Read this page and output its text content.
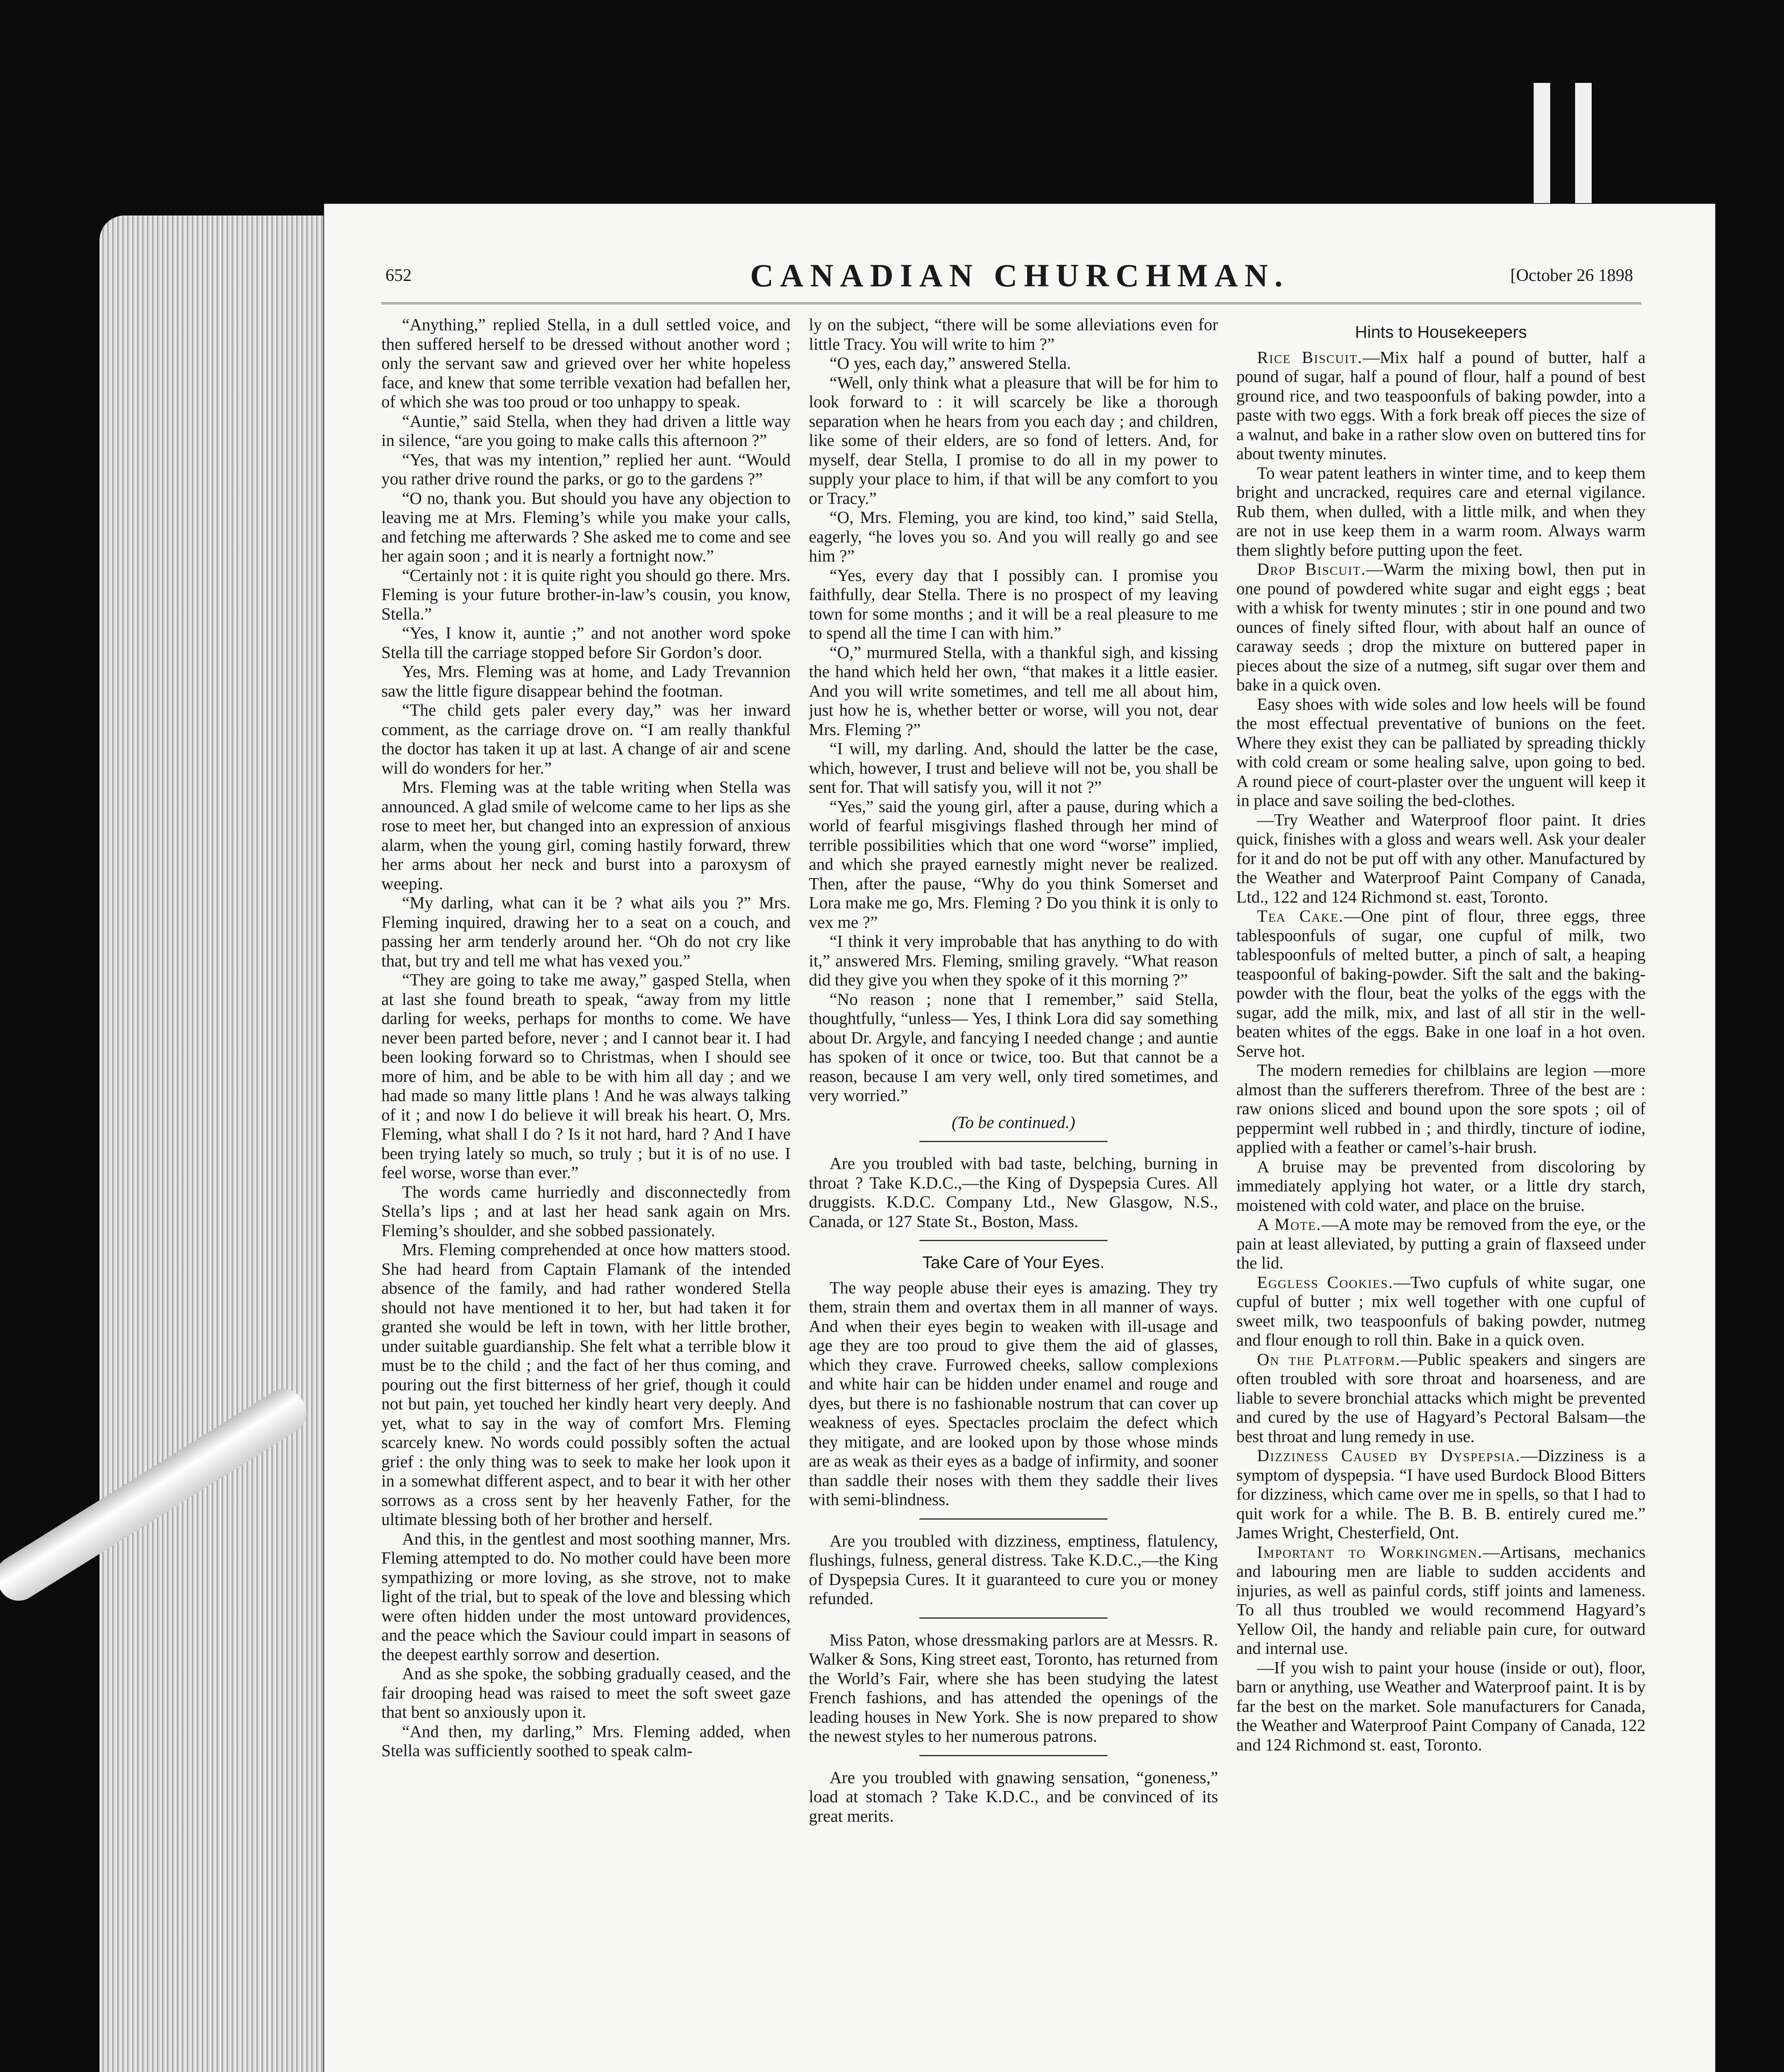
652	CANADIAN CHURCHMAN.	[October 26 1898

“Anything,” replied Stella, in a dull settled voice, and then suffered herself to be dressed without another word ; only the servant saw and grieved over her white hopeless face, and knew that some terrible vexation had befallen her, of which she was too proud or too unhappy to speak.

“Auntie,” said Stella, when they had driven a little way in silence, “are you going to make calls this afternoon ?”

“Yes, that was my intention,” replied her aunt. “Would you rather drive round the parks, or go to the gardens ?”

“O no, thank you. But should you have any objection to leaving me at Mrs. Fleming’s while you make your calls, and fetching me afterwards ? She asked me to come and see her again soon ; and it is nearly a fortnight now.”

“Certainly not : it is quite right you should go there. Mrs. Fleming is your future brother-in-law’s cousin, you know, Stella.”

“Yes, I know it, auntie ;” and not another word spoke Stella till the carriage stopped before Sir Gordon’s door.

Yes, Mrs. Fleming was at home, and Lady Trevannion saw the little figure disappear behind the footman.

“The child gets paler every day,” was her inward comment, as the carriage drove on. “I am really thankful the doctor has taken it up at last. A change of air and scene will do wonders for her.”

Mrs. Fleming was at the table writing when Stella was announced. A glad smile of welcome came to her lips as she rose to meet her, but changed into an expression of anxious alarm, when the young girl, coming hastily forward, threw her arms about her neck and burst into a paroxysm of weeping.

“My darling, what can it be ? what ails you ?” Mrs. Fleming inquired, drawing her to a seat on a couch, and passing her arm tenderly around her. “Oh do not cry like that, but try and tell me what has vexed you.”

“They are going to take me away,” gasped Stella, when at last she found breath to speak, “away from my little darling for weeks, perhaps for months to come. We have never been parted before, never ; and I cannot bear it. I had been looking forward so to Christmas, when I should see more of him, and be able to be with him all day ; and we had made so many little plans ! And he was always talking of it ; and now I do believe it will break his heart. O, Mrs. Fleming, what shall I do ? Is it not hard, hard ? And I have been trying lately so much, so truly ; but it is of no use. I feel worse, worse than ever.”

The words came hurriedly and disconnectedly from Stella’s lips ; and at last her head sank again on Mrs. Fleming’s shoulder, and she sobbed passionately.

Mrs. Fleming comprehended at once how matters stood. She had heard from Captain Flamank of the intended absence of the family, and had rather wondered Stella should not have mentioned it to her, but had taken it for granted she would be left in town, with her little brother, under suitable guardianship. She felt what a terrible blow it must be to the child ; and the fact of her thus coming, and pouring out the first bitterness of her grief, though it could not but pain, yet touched her kindly heart very deeply. And yet, what to say in the way of comfort Mrs. Fleming scarcely knew. No words could possibly soften the actual grief : the only thing was to seek to make her look upon it in a somewhat different aspect, and to bear it with her other sorrows as a cross sent by her heavenly Father, for the ultimate blessing both of her brother and herself.

And this, in the gentlest and most soothing manner, Mrs. Fleming attempted to do. No mother could have been more sympathizing or more loving, as she strove, not to make light of the trial, but to speak of the love and blessing which were often hidden under the most untoward providences, and the peace which the Saviour could impart in seasons of the deepest earthly sorrow and desertion.

And as she spoke, the sobbing gradually ceased, and the fair drooping head was raised to meet the soft sweet gaze that bent so anxiously upon it.

“And then, my darling,” Mrs. Fleming added, when Stella was sufficiently soothed to speak calm-

ly on the subject, “there will be some alleviations even for little Tracy. You will write to him ?”

“O yes, each day,” answered Stella.

“Well, only think what a pleasure that will be for him to look forward to : it will scarcely be like a thorough separation when he hears from you each day ; and children, like some of their elders, are so fond of letters. And, for myself, dear Stella, I promise to do all in my power to supply your place to him, if that will be any comfort to you or Tracy.”

“O, Mrs. Fleming, you are kind, too kind,” said Stella, eagerly, “he loves you so. And you will really go and see him ?”

“Yes, every day that I possibly can. I promise you faithfully, dear Stella. There is no prospect of my leaving town for some months ; and it will be a real pleasure to me to spend all the time I can with him.”

“O,” murmured Stella, with a thankful sigh, and kissing the hand which held her own, “that makes it a little easier. And you will write sometimes, and tell me all about him, just how he is, whether better or worse, will you not, dear Mrs. Fleming ?”

“I will, my darling. And, should the latter be the case, which, however, I trust and believe will not be, you shall be sent for. That will satisfy you, will it not ?”

“Yes,” said the young girl, after a pause, during which a world of fearful misgivings flashed through her mind of terrible possibilities which that one word “worse” implied, and which she prayed earnestly might never be realized. Then, after the pause, “Why do you think Somerset and Lora make me go, Mrs. Fleming ? Do you think it is only to vex me ?”

“I think it very improbable that has anything to do with it,” answered Mrs. Fleming, smiling gravely. “What reason did they give you when they spoke of it this morning ?”

“No reason ; none that I remember,” said Stella, thoughtfully, “unless— Yes, I think Lora did say something about Dr. Argyle, and fancying I needed change ; and auntie has spoken of it once or twice, too. But that cannot be a reason, because I am very well, only tired sometimes, and very worried.”

(To be continued.)

Are you troubled with bad taste, belching, burning in throat ? Take K.D.C.,—the King of Dyspepsia Cures. All druggists. K.D.C. Company Ltd., New Glasgow, N.S., Canada, or 127 State St., Boston, Mass.

Take Care of Your Eyes.

The way people abuse their eyes is amazing. They try them, strain them and overtax them in all manner of ways. And when their eyes begin to weaken with ill-usage and age they are too proud to give them the aid of glasses, which they crave. Furrowed cheeks, sallow complexions and white hair can be hidden under enamel and rouge and dyes, but there is no fashionable nostrum that can cover up weakness of eyes. Spectacles proclaim the defect which they mitigate, and are looked upon by those whose minds are as weak as their eyes as a badge of infirmity, and sooner than saddle their noses with them they saddle their lives with semi-blindness.

Are you troubled with dizziness, emptiness, flatulency, flushings, fulness, general distress. Take K.D.C.,—the King of Dyspepsia Cures. It it guaranteed to cure you or money refunded.

Miss Paton, whose dressmaking parlors are at Messrs. R. Walker & Sons, King street east, Toronto, has returned from the World’s Fair, where she has been studying the latest French fashions, and has attended the openings of the leading houses in New York. She is now prepared to show the newest styles to her numerous patrons.

Are you troubled with gnawing sensation, “goneness,” load at stomach ? Take K.D.C., and be convinced of its great merits.

Hints to Housekeepers

Rice Biscuit.—Mix half a pound of butter, half a pound of sugar, half a pound of flour, half a pound of best ground rice, and two teaspoonfuls of baking powder, into a paste with two eggs. With a fork break off pieces the size of a walnut, and bake in a rather slow oven on buttered tins for about twenty minutes.

To wear patent leathers in winter time, and to keep them bright and uncracked, requires care and eternal vigilance. Rub them, when dulled, with a little milk, and when they are not in use keep them in a warm room. Always warm them slightly before putting upon the feet.

Drop Biscuit.—Warm the mixing bowl, then put in one pound of powdered white sugar and eight eggs ; beat with a whisk for twenty minutes ; stir in one pound and two ounces of finely sifted flour, with about half an ounce of caraway seeds ; drop the mixture on buttered paper in pieces about the size of a nutmeg, sift sugar over them and bake in a quick oven.

Easy shoes with wide soles and low heels will be found the most effectual preventative of bunions on the feet. Where they exist they can be palliated by spreading thickly with cold cream or some healing salve, upon going to bed. A round piece of court-plaster over the unguent will keep it in place and save soiling the bed-clothes.

—Try Weather and Waterproof floor paint. It dries quick, finishes with a gloss and wears well. Ask your dealer for it and do not be put off with any other. Manufactured by the Weather and Waterproof Paint Company of Canada, Ltd., 122 and 124 Richmond st. east, Toronto.

Tea Cake.—One pint of flour, three eggs, three tablespoonfuls of sugar, one cupful of milk, two tablespoonfuls of melted butter, a pinch of salt, a heaping teaspoonful of baking-powder. Sift the salt and the baking-powder with the flour, beat the yolks of the eggs with the sugar, add the milk, mix, and last of all stir in the well-beaten whites of the eggs. Bake in one loaf in a hot oven. Serve hot.

The modern remedies for chilblains are legion —more almost than the sufferers therefrom. Three of the best are : raw onions sliced and bound upon the sore spots ; oil of peppermint well rubbed in ; and thirdly, tincture of iodine, applied with a feather or camel’s-hair brush.

A bruise may be prevented from discoloring by immediately applying hot water, or a little dry starch, moistened with cold water, and place on the bruise.

A Mote.—A mote may be removed from the eye, or the pain at least alleviated, by putting a grain of flaxseed under the lid.

Eggless Cookies.—Two cupfuls of white sugar, one cupful of butter ; mix well together with one cupful of sweet milk, two teaspoonfuls of baking powder, nutmeg and flour enough to roll thin. Bake in a quick oven.

On the Platform.—Public speakers and singers are often troubled with sore throat and hoarseness, and are liable to severe bronchial attacks which might be prevented and cured by the use of Hagyard’s Pectoral Balsam—the best throat and lung remedy in use.

Dizziness Caused by Dyspepsia.—Dizziness is a symptom of dyspepsia. “I have used Burdock Blood Bitters for dizziness, which came over me in spells, so that I had to quit work for a while. The B. B. B. entirely cured me.” James Wright, Chesterfield, Ont.

Important to Workingmen.—Artisans, mechanics and labouring men are liable to sudden accidents and injuries, as well as painful cords, stiff joints and lameness. To all thus troubled we would recommend Hagyard’s Yellow Oil, the handy and reliable pain cure, for outward and internal use.

—If you wish to paint your house (inside or out), floor, barn or anything, use Weather and Waterproof paint. It is by far the best on the market. Sole manufacturers for Canada, the Weather and Waterproof Paint Company of Canada, 122 and 124 Richmond st. east, Toronto.
